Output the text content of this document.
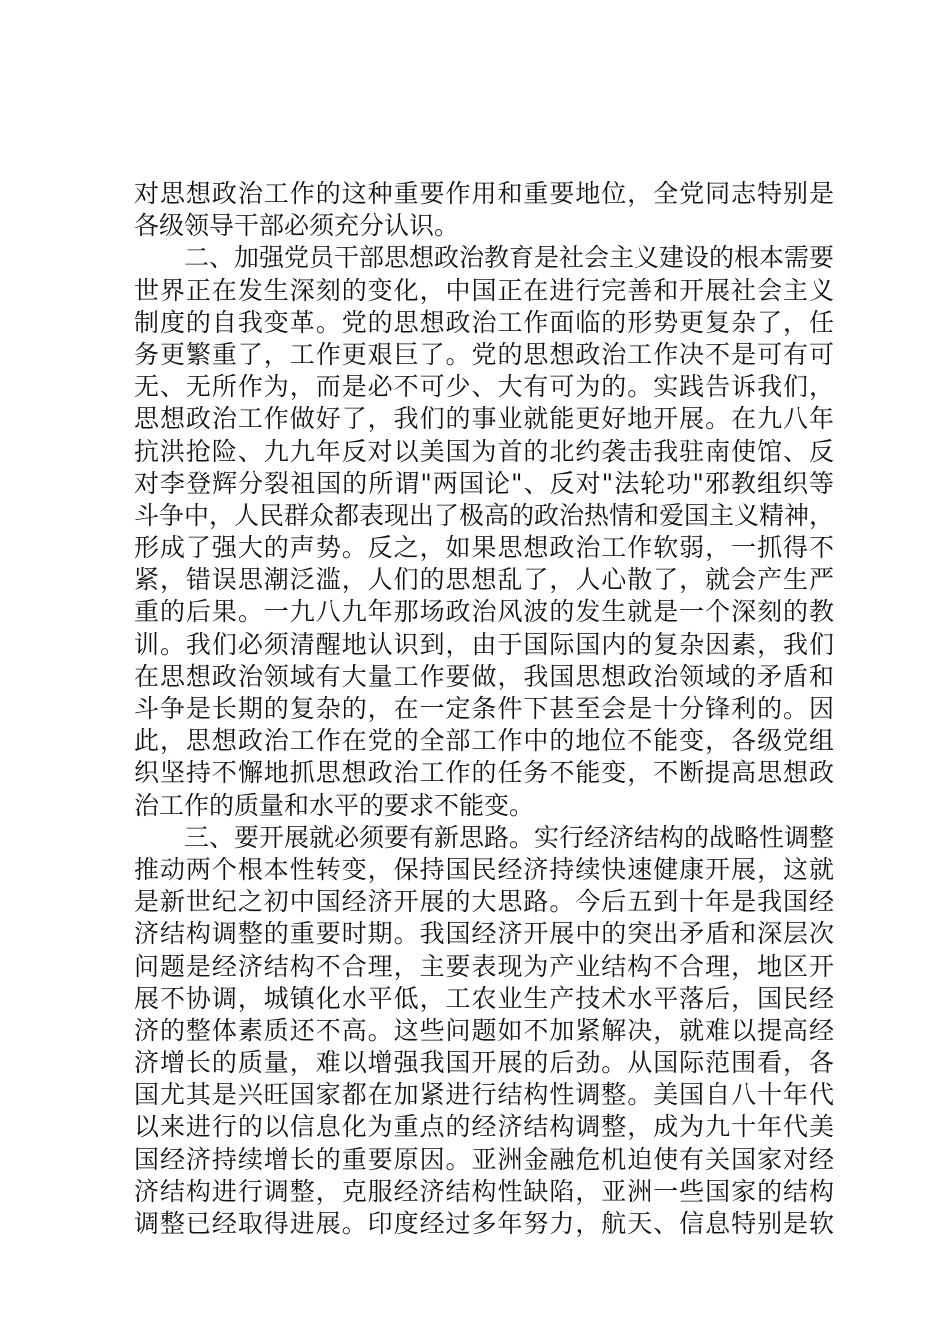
对思想政治工作的这种重要作用和重要地位，全党同志特别是
各级领导干部必须充分认识。
二、加强党员干部思想政治教育是社会主义建设的根本需要
世界正在发生深刻的变化，中国正在进行完善和开展社会主义
制度的自我变革。党的思想政治工作面临的形势更复杂了，任
务更繁重了，工作更艰巨了。党的思想政治工作决不是可有可
无、无所作为，而是必不可少、大有可为的。实践告诉我们，
思想政治工作做好了，我们的事业就能更好地开展。在九八年
抗洪抢险、九九年反对以美国为首的北约袭击我驻南使馆、反
对李登辉分裂祖国的所谓"两国论"、反对"法轮功"邪教组织等
斗争中，人民群众都表现出了极高的政治热情和爱国主义精神，
形成了强大的声势。反之，如果思想政治工作软弱，一抓得不
紧，错误思潮泛滥，人们的思想乱了，人心散了，就会产生严
重的后果。一九八九年那场政治风波的发生就是一个深刻的教
训。我们必须清醒地认识到，由于国际国内的复杂因素，我们
在思想政治领域有大量工作要做，我国思想政治领域的矛盾和
斗争是长期的复杂的，在一定条件下甚至会是十分锋利的。因
此，思想政治工作在党的全部工作中的地位不能变，各级党组
织坚持不懈地抓思想政治工作的任务不能变，不断提高思想政
治工作的质量和水平的要求不能变。
三、要开展就必须要有新思路。实行经济结构的战略性调整
推动两个根本性转变，保持国民经济持续快速健康开展，这就
是新世纪之初中国经济开展的大思路。今后五到十年是我国经
济结构调整的重要时期。我国经济开展中的突出矛盾和深层次
问题是经济结构不合理，主要表现为产业结构不合理，地区开
展不协调，城镇化水平低，工农业生产技术水平落后，国民经
济的整体素质还不高。这些问题如不加紧解决，就难以提高经
济增长的质量，难以增强我国开展的后劲。从国际范围看，各
国尤其是兴旺国家都在加紧进行结构性调整。美国自八十年代
以来进行的以信息化为重点的经济结构调整，成为九十年代美
国经济持续增长的重要原因。亚洲金融危机迫使有关国家对经
济结构进行调整，克服经济结构性缺陷，亚洲一些国家的结构
调整已经取得进展。印度经过多年努力，航天、信息特别是软
